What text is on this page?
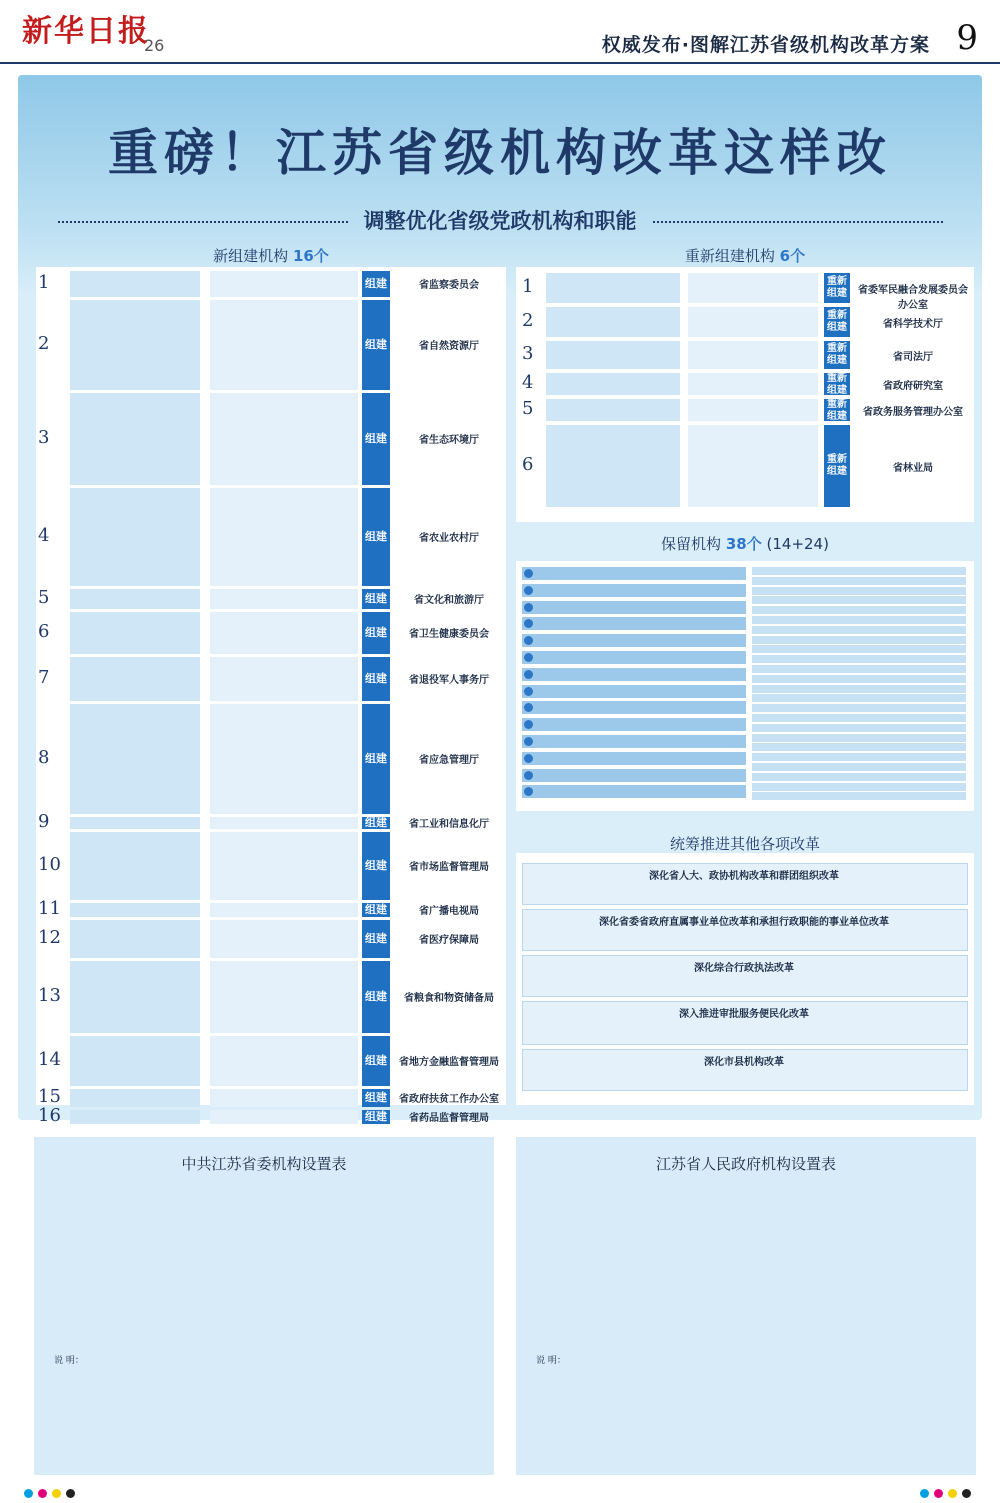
新华日报
26	权威发布·图解江苏省级机构改革方案 9
重磅！江苏省级机构改革这样改
调整优化省级党政机构和职能
新组建机构 16个	重新组建机构 6个
1	组建	省监察委员会
2	组建	省自然资源厅
3	组建	省生态环境厅
4	组建	省农业农村厅
5	组建	省文化和旅游厅
6	组建	省卫生健康委员会
7	组建	省退役军人事务厅
8	组建	省应急管理厅
9	组建	省工业和信息化厅
10	组建	省市场监督管理局
11	组建	省广播电视局
12	组建	省医疗保障局
13	组建	省粮食和物资储备局
14	组建	省地方金融监督管理局
15	组建	省政府扶贫工作办公室
16	组建	省药品监督管理局
1	重新组建	省委军民融合发展委员会办公室
2	重新组建	省科学技术厅
3	重新组建	省司法厅
4	重新组建	省政府研究室
5	重新组建	省政务服务管理办公室
6	重新组建	省林业局
保留机构 38个 (14+24)
统筹推进其他各项改革
深化省人大、政协机构改革和群团组织改革
深化省委省政府直属事业单位改革和承担行政职能的事业单位改革
深化综合行政执法改革
深入推进审批服务便民化改革
深化市县机构改革
中共江苏省委机构设置表
说 明：
江苏省人民政府机构设置表
说 明：
